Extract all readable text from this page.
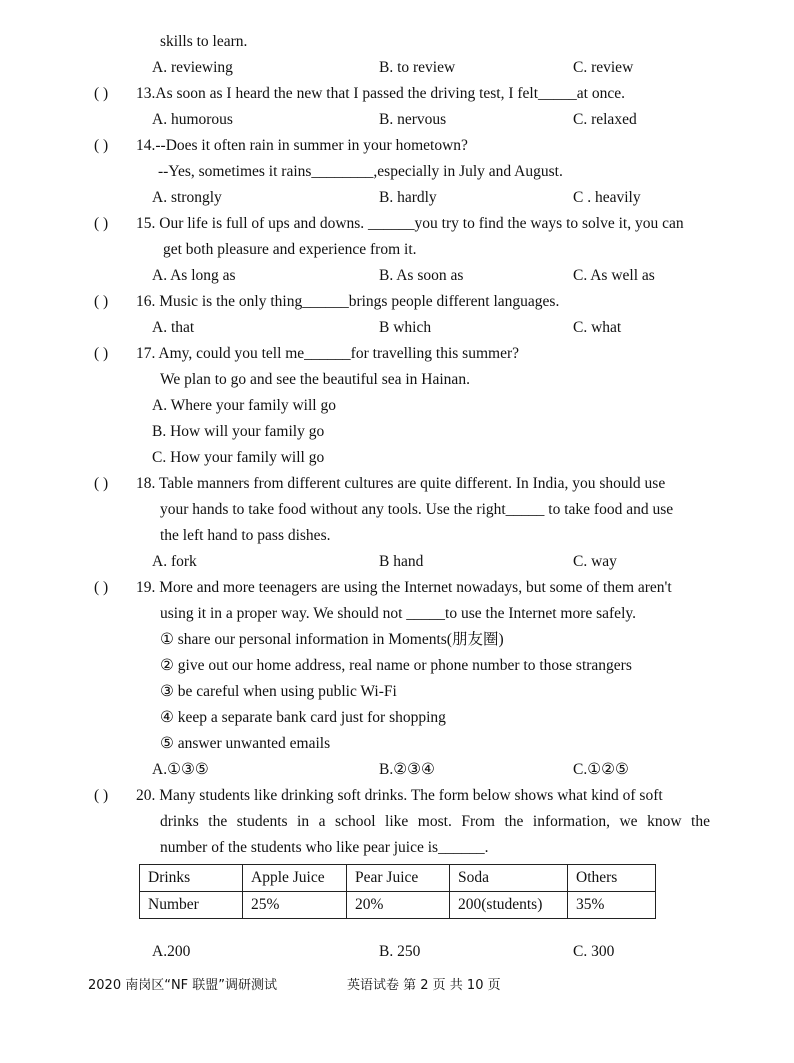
skills to learn.
A. reviewing	B. to review	C. review
( ) 13.As soon as I heard the new that I passed the driving test, I felt_____at once.
A. humorous	B. nervous	C. relaxed
( ) 14.--Does it often rain in summer in your hometown?
--Yes, sometimes it rains________,especially in July and August.
A. strongly	B. hardly	C . heavily
( ) 15. Our life is full of ups and downs. ______you try to find the ways to solve it, you can
get both pleasure and experience from it.
A. As long as	B. As soon as	C. As well as
( ) 16. Music is the only thing______brings people different languages.
A. that	B which	C. what
( ) 17. Amy, could you tell me______for travelling this summer?
We plan to go and see the beautiful sea in Hainan.
A. Where your family will go
B. How will your family go
C. How your family will go
( ) 18. Table manners from different cultures are quite different. In India, you should use
your hands to take food without any tools. Use the right_____ to take food and use
the left hand to pass dishes.
A. fork	B hand	C. way
( ) 19. More and more teenagers are using the Internet nowadays, but some of them aren't
using it in a proper way. We should not _____to use the Internet more safely.
① share our personal information in Moments(朋友圈)
② give out our home address, real name or phone number to those strangers
③ be careful when using public Wi-Fi
④ keep a separate bank card just for shopping
⑤ answer unwanted emails
A.①③⑤	B.②③④	C.①②⑤
( ) 20. Many students like drinking soft drinks. The form below shows what kind of soft
drinks the students in a school like most. From the information, we know the
number of the students who like pear juice is______.
Drinks	Apple Juice	Pear Juice	Soda	Others
Number	25%	20%	200(students)	35%
A.200	B. 250	C. 300
2020 南岗区“NF 联盟”调研测试	英语试卷 第 2 页 共 10 页
